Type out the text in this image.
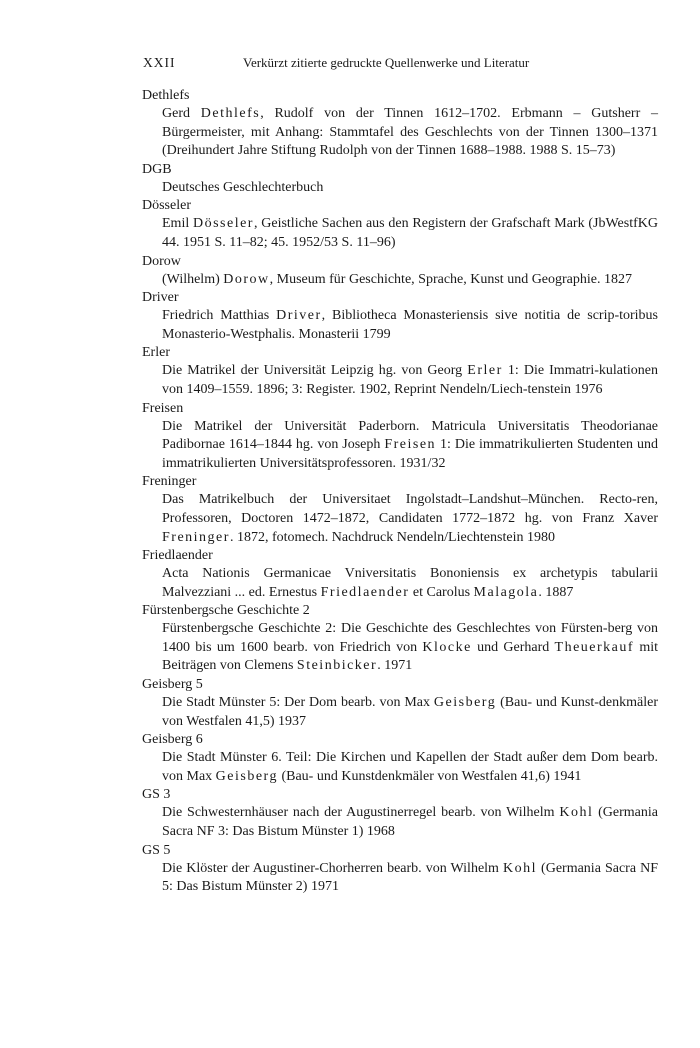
XXII	Verkürzt zitierte gedruckte Quellenwerke und Literatur
Dethlefs
Gerd Dethlefs, Rudolf von der Tinnen 1612–1702. Erbmann – Gutsherr – Bürgermeister, mit Anhang: Stammtafel des Geschlechts von der Tinnen 1300–1371 (Dreihundert Jahre Stiftung Rudolph von der Tinnen 1688–1988. 1988 S. 15–73)
DGB
Deutsches Geschlechterbuch
Dösseler
Emil Dösseler, Geistliche Sachen aus den Registern der Grafschaft Mark (JbWestfKG 44. 1951 S. 11–82; 45. 1952/53 S. 11–96)
Dorow
(Wilhelm) Dorow, Museum für Geschichte, Sprache, Kunst und Geographie. 1827
Driver
Friedrich Matthias Driver, Bibliotheca Monasteriensis sive notitia de scrip-toribus Monasterio-Westphalis. Monasterii 1799
Erler
Die Matrikel der Universität Leipzig hg. von Georg Erler 1: Die Immatri-kulationen von 1409–1559. 1896; 3: Register. 1902, Reprint Nendeln/Liech-tenstein 1976
Freisen
Die Matrikel der Universität Paderborn. Matricula Universitatis Theodorianae Padibornae 1614–1844 hg. von Joseph Freisen 1: Die immatrikulierten Studenten und immatrikulierten Universitätsprofessoren. 1931/32
Freninger
Das Matrikelbuch der Universitaet Ingolstadt–Landshut–München. Recto-ren, Professoren, Doctoren 1472–1872, Candidaten 1772–1872 hg. von Franz Xaver Freninger. 1872, fotomech. Nachdruck Nendeln/Liechtenstein 1980
Friedlaender
Acta Nationis Germanicae Vniversitatis Bononiensis ex archetypis tabularii Malvezziani ... ed. Ernestus Friedlaender et Carolus Malagola. 1887
Fürstenbergsche Geschichte 2
Fürstenbergsche Geschichte 2: Die Geschichte des Geschlechtes von Fürsten-berg von 1400 bis um 1600 bearb. von Friedrich von Klocke und Gerhard Theuerkauf mit Beiträgen von Clemens Steinbicker. 1971
Geisberg 5
Die Stadt Münster 5: Der Dom bearb. von Max Geisberg (Bau- und Kunst-denkmäler von Westfalen 41,5) 1937
Geisberg 6
Die Stadt Münster 6. Teil: Die Kirchen und Kapellen der Stadt außer dem Dom bearb. von Max Geisberg (Bau- und Kunstdenkmäler von Westfalen 41,6) 1941
GS 3
Die Schwesternhäuser nach der Augustinerregel bearb. von Wilhelm Kohl (Germania Sacra NF 3: Das Bistum Münster 1) 1968
GS 5
Die Klöster der Augustiner-Chorherren bearb. von Wilhelm Kohl (Germania Sacra NF 5: Das Bistum Münster 2) 1971
